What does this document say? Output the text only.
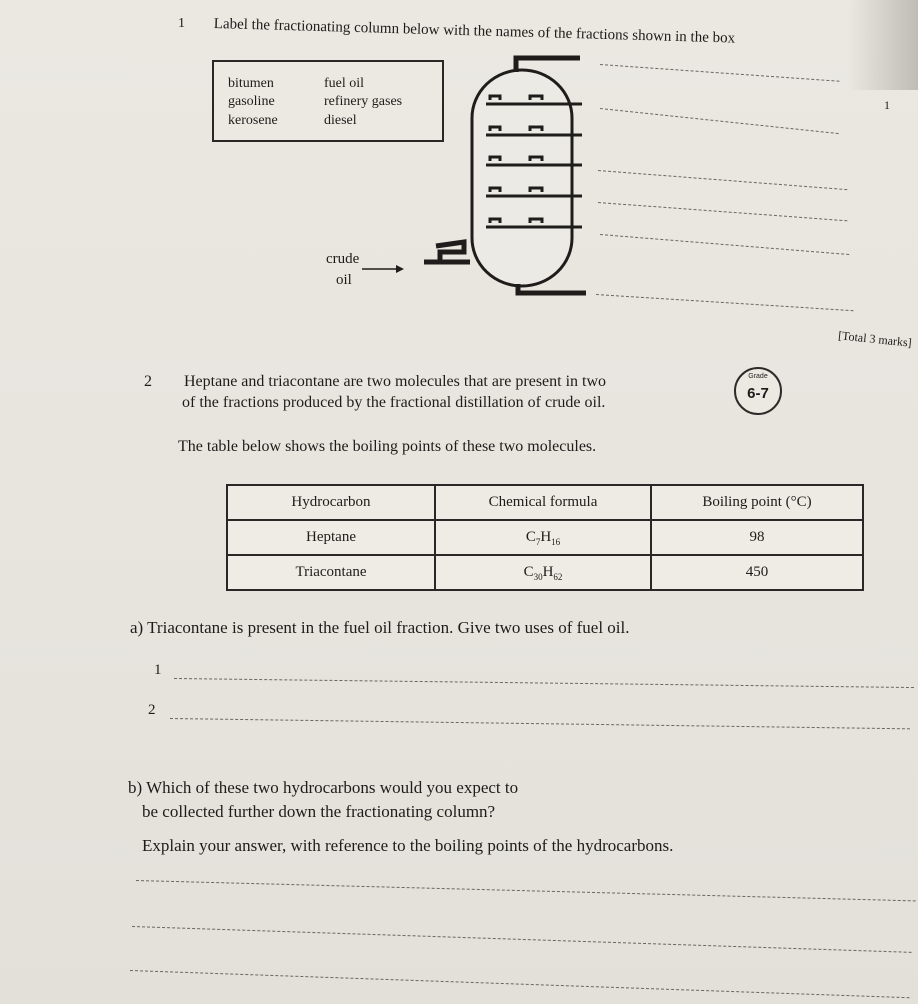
1 Label the fractionating column below with the names of the fractions shown in the box
bitumen	fuel oil
gasoline	refinery gases
kerosene	diesel
crude
oil
1
[Total 3 marks]
2 Heptane and triacontane are two molecules that are present in two
of the fractions produced by the fractional distillation of crude oil.
Grade
6-7
The table below shows the boiling points of these two molecules.
Hydrocarbon	Chemical formula	Boiling point (°C)
Heptane	$C_7H_{16}$	98
Triacontane	$C_{30}H_{62}$	450
a) Triacontane is present in the fuel oil fraction. Give two uses of fuel oil.
1
2
b) Which of these two hydrocarbons would you expect to
be collected further down the fractionating column?
Explain your answer, with reference to the boiling points of the hydrocarbons.
